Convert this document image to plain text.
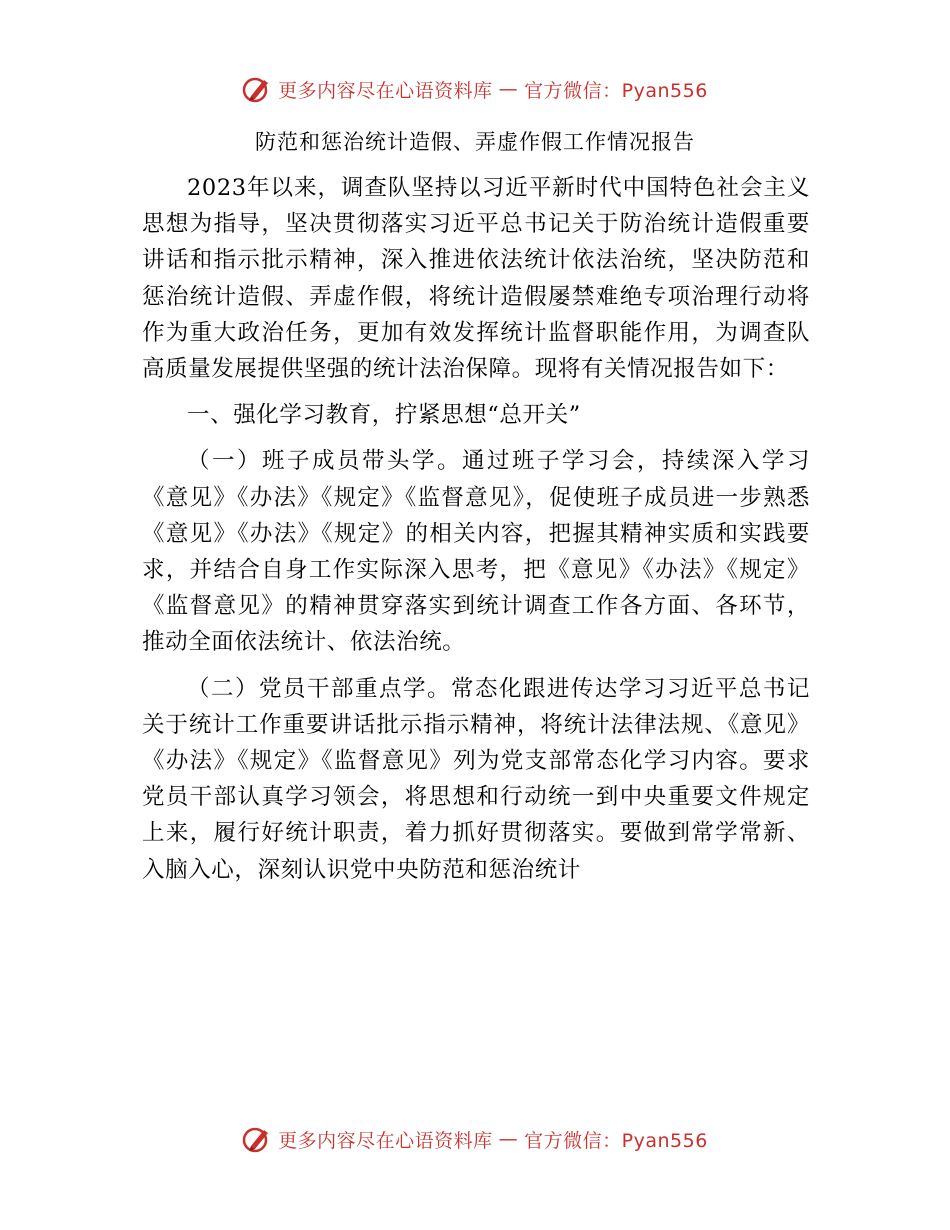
更多内容尽在心语资料库 — 官方微信：Pyan556
防范和惩治统计造假、弄虚作假工作情况报告

2023年以来，调查队坚持以习近平新时代中国特色社会主义思想为指导，坚决贯彻落实习近平总书记关于防治统计造假重要讲话和指示批示精神，深入推进依法统计依法治统，坚决防范和惩治统计造假、弄虚作假，将统计造假屡禁难绝专项治理行动将作为重大政治任务，更加有效发挥统计监督职能作用，为调查队高质量发展提供坚强的统计法治保障。现将有关情况报告如下：

一、强化学习教育，拧紧思想“总开关”

（一）班子成员带头学。通过班子学习会，持续深入学习《意见》《办法》《规定》《监督意见》，促使班子成员进一步熟悉《意见》《办法》《规定》的相关内容，把握其精神实质和实践要求，并结合自身工作实际深入思考，把《意见》《办法》《规定》《监督意见》的精神贯穿落实到统计调查工作各方面、各环节，推动全面依法统计、依法治统。

（二）党员干部重点学。常态化跟进传达学习习近平总书记关于统计工作重要讲话批示指示精神，将统计法律法规、《意见》《办法》《规定》《监督意见》列为党支部常态化学习内容。要求党员干部认真学习领会，将思想和行动统一到中央重要文件规定上来，履行好统计职责，着力抓好贯彻落实。要做到常学常新、入脑入心，深刻认识党中央防范和惩治统计

更多内容尽在心语资料库 — 官方微信：Pyan556
